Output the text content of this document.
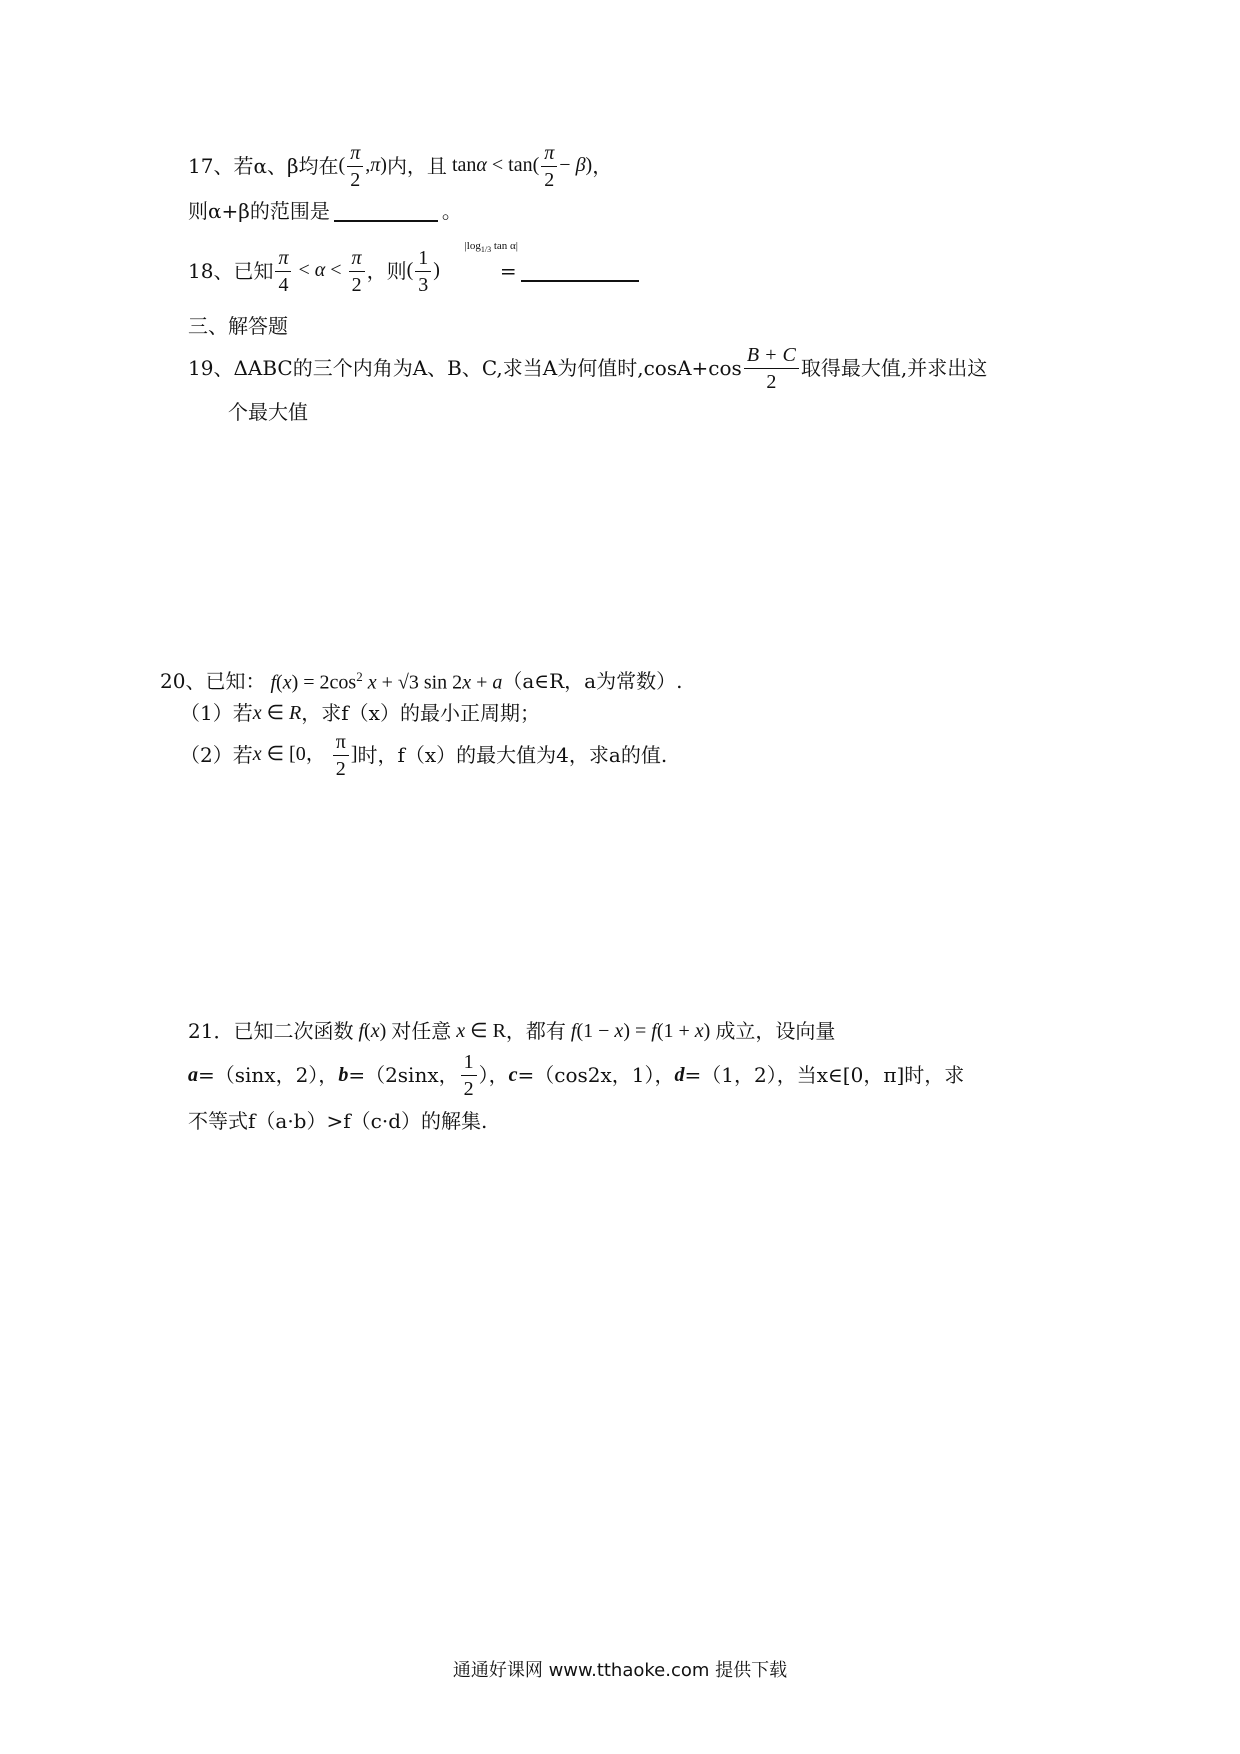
17、若 α、β均在 ( $\frac{\pi}{2} ,\pi$) 内，且 $\tan\alpha < \tan( \frac{\pi}{2} - \beta)$ ，
则α+β的范围是	。
18、已知 $\frac{\pi}{4} < \alpha < \frac{\pi}{2}$ ，则 ( $\frac{1}{3}$ )
$|\log_{1/3}$ tan α|
=
三、解答题
19、ΔABC的三个内角为A、B、C,求当A为何值时$,\cos A+\cos \frac{B + C}{2}$ 取得最大值,并求出这
个最大值
20、已知： $f(x) = 2\cos^2$ x + √3 sin 2x + a （a∈R，a为常数）.
（1）若 x ∈ R ，求f（x）的最小正周期；
（2）若 x ∈ [0， $\frac{\pi}{2}$ ] 时，f（x）的最大值为4，求a的值.
21．已知二次函数 f(x) 对任意 x ∈ R ，都有 f(1 − x) = f(1 + x) 成立，设向量
a =（sinx，2）， b =（2sinx， $\frac{1}{2}$ ）， c =（cos2x，1）， d =（1，2），当x∈[0，π]时，求
不等式f（a·b）>f（c·d）的解集.
通通好课网 www.tthaoke.com 提供下载
